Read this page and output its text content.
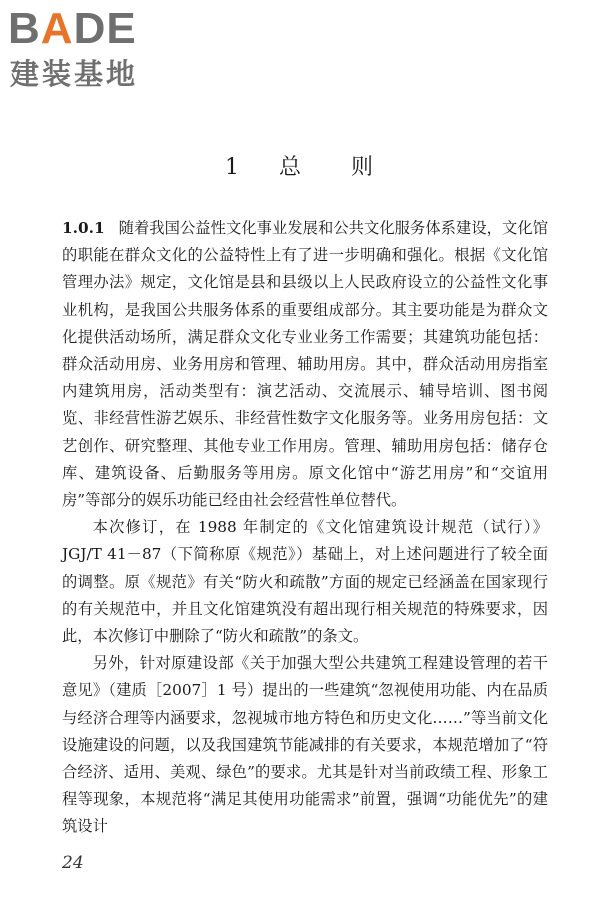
BADE
建装基地
1 总　　则

1.0.1 随着我国公益性文化事业发展和公共文化服务体系建设，文化馆的职能在群众文化的公益特性上有了进一步明确和强化。根据《文化馆管理办法》规定，文化馆是县和县级以上人民政府设立的公益性文化事业机构，是我国公共服务体系的重要组成部分。其主要功能是为群众文化提供活动场所，满足群众文化专业业务工作需要；其建筑功能包括：群众活动用房、业务用房和管理、辅助用房。其中，群众活动用房指室内建筑用房，活动类型有：演艺活动、交流展示、辅导培训、图书阅览、非经营性游艺娱乐、非经营性数字文化服务等。业务用房包括：文艺创作、研究整理、其他专业工作用房。管理、辅助用房包括：储存仓库、建筑设备、后勤服务等用房。原文化馆中“游艺用房”和“交谊用房”等部分的娱乐功能已经由社会经营性单位替代。

本次修订，在 1988 年制定的《文化馆建筑设计规范（试行）》JGJ/T 41－87（下简称原《规范》）基础上，对上述问题进行了较全面的调整。原《规范》有关“防火和疏散”方面的规定已经涵盖在国家现行的有关规范中，并且文化馆建筑没有超出现行相关规范的特殊要求，因此，本次修订中删除了“防火和疏散”的条文。

另外，针对原建设部《关于加强大型公共建筑工程建设管理的若干意见》（建质［2007］1 号）提出的一些建筑“忽视使用功能、内在品质与经济合理等内涵要求，忽视城市地方特色和历史文化……”等当前文化设施建设的问题，以及我国建筑节能减排的有关要求，本规范增加了“符合经济、适用、美观、绿色”的要求。尤其是针对当前政绩工程、形象工程等现象，本规范将“满足其使用功能需求”前置，强调“功能优先”的建筑设计

24
